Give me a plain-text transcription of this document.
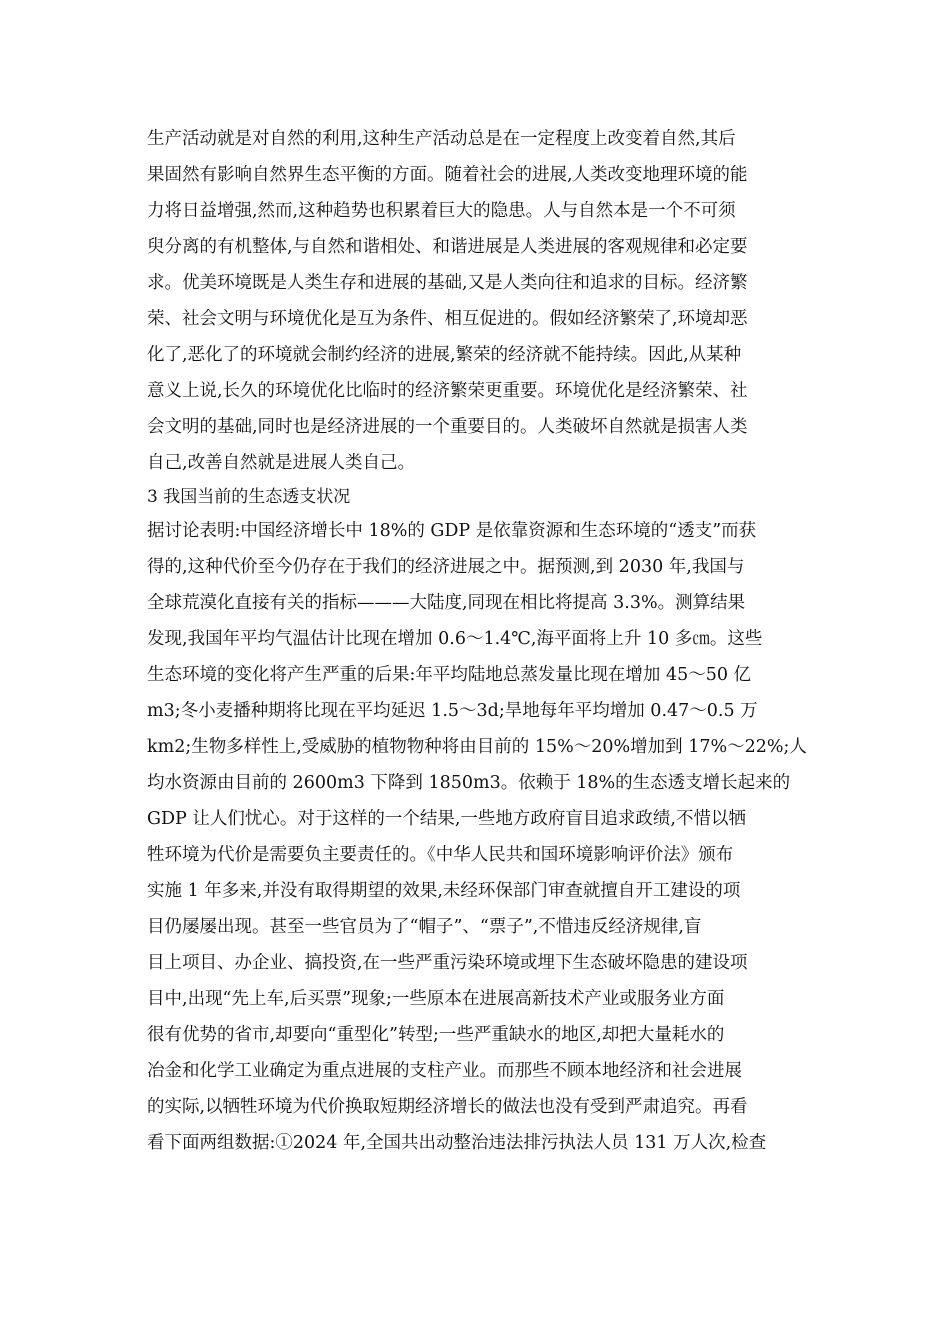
生产活动就是对自然的利用,这种生产活动总是在一定程度上改变着自然,其后
果固然有影响自然界生态平衡的方面。随着社会的进展,人类改变地理环境的能
力将日益增强,然而,这种趋势也积累着巨大的隐患。人与自然本是一个不可须
臾分离的有机整体,与自然和谐相处、和谐进展是人类进展的客观规律和必定要
求。优美环境既是人类生存和进展的基础,又是人类向往和追求的目标。经济繁
荣、社会文明与环境优化是互为条件、相互促进的。假如经济繁荣了,环境却恶
化了,恶化了的环境就会制约经济的进展,繁荣的经济就不能持续。因此,从某种
意义上说,长久的环境优化比临时的经济繁荣更重要。环境优化是经济繁荣、社
会文明的基础,同时也是经济进展的一个重要目的。人类破坏自然就是损害人类
自己,改善自然就是进展人类自己。
3 我国当前的生态透支状况
据讨论表明:中国经济增长中 18%的 GDP 是依靠资源和生态环境的“透支”而获
得的,这种代价至今仍存在于我们的经济进展之中。据预测,到 2030 年,我国与
全球荒漠化直接有关的指标———大陆度,同现在相比将提高 3.3%。测算结果
发现,我国年平均气温估计比现在增加 0.6～1.4℃,海平面将上升 10 多㎝。这些
生态环境的变化将产生严重的后果:年平均陆地总蒸发量比现在增加 45～50 亿
m3;冬小麦播种期将比现在平均延迟 1.5～3d;旱地每年平均增加 0.47～0.5 万
km2;生物多样性上,受威胁的植物物种将由目前的 15%～20%增加到 17%～22%;人
均水资源由目前的 2600m3 下降到 1850m3。依赖于 18%的生态透支增长起来的
GDP 让人们忧心。对于这样的一个结果,一些地方政府盲目追求政绩,不惜以牺
牲环境为代价是需要负主要责任的。《中华人民共和国环境影响评价法》颁布
实施 1 年多来,并没有取得期望的效果,未经环保部门审查就擅自开工建设的项
目仍屡屡出现。甚至一些官员为了“帽子”、“票子”,不惜违反经济规律,盲
目上项目、办企业、搞投资,在一些严重污染环境或埋下生态破坏隐患的建设项
目中,出现“先上车,后买票”现象;一些原本在进展高新技术产业或服务业方面
很有优势的省市,却要向“重型化”转型;一些严重缺水的地区,却把大量耗水的
冶金和化学工业确定为重点进展的支柱产业。而那些不顾本地经济和社会进展
的实际,以牺牲环境为代价换取短期经济增长的做法也没有受到严肃追究。再看
看下面两组数据:①2024 年,全国共出动整治违法排污执法人员 131 万人次,检查
